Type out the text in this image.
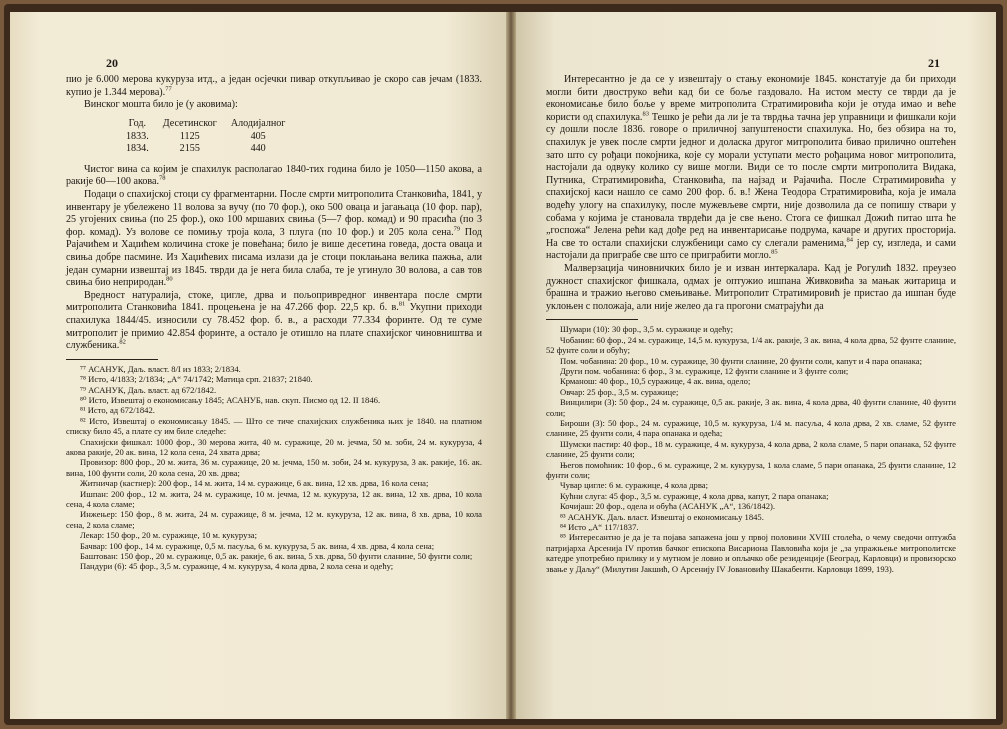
20

пио је 6.000 мерова кукуруза итд., а један осјечки пивар откупљивао је скоро сав јечам (1833. купио је 1.344 мерова).$^{77}$

Винског мошта било је (у аковима):

Год.	Десетинског	Алодијалног
1833.	1125	405
1834.	2155	440

Чистог вина са којим је спахилук располагао 1840-тих година било је 1050—1150 акова, а ракије 60—100 акова.$^{78}$

Подаци о спахијској стоци су фрагментарни. После смрти митрополита Станковића, 1841, у инвентару је убележено 11 волова за вучу (по 70 фор.), око 500 оваца и јагањаца (10 фор. пар), 25 угојених свиња (по 25 фор.), око 100 мршавих свиња (5—7 фор. комад) и 90 прасића (по 3 фор. комад). Уз волове се помињу троја кола, 3 плуга (по 10 фор.) и 205 кола сена.$^{79}$ Под Рајачићем и Хаџићем количина стоке је повећана; било је више десетина говеда, доста оваца и свиња добре пасмине. Из Хаџићевих писама излази да је стоци поклањана велика пажња, али један сумарни извештај из 1845. тврди да је нега била слаба, те је угинуло 30 волова, а сав тов свиња био неприродан.$^{80}$

Вредност натуралија, стоке, циглe, дрва и пољопривредног инвентара после смрти митрополита Станковића 1841. процењена је на 47.266 фор. 22,5 кр. б. в.$^{81}$ Укупни приходи спахилука 1844/45. износили су 78.452 фор. б. в., а расходи 77.334 форинте. Од те суме митрополит је примио 42.854 форинте, а остало је отишло на плате спахијског чиновништва и службеника.$^{82}$

⁷⁷ АСАНУК, Даљ. власт. 8/I из 1833; 2/1834.

⁷⁸ Исто, 4/1833; 2/1834; „А“ 74/1742; Матица срп. 21837; 21840.

⁷⁹ АСАНУК, Даљ. власт. ад 672/1842.

⁸⁰ Исто, Извештај о економисању 1845; АСАНУБ, нав. скуп. Писмо од 12. II 1846.

⁸¹ Исто, ад 672/1842.

⁸² Исто, Извештај о економисању 1845. — Што се тиче спахијских службеника њих је 1840. на платном списку било 45, а плате су им биле следеће:

Спахијски фишкал: 1000 фор., 30 мерова жита, 40 м. суражице, 20 м. јечма, 50 м. зоби, 24 м. кукуруза, 4 акова ракије, 20 ак. вина, 12 кола сена, 24 хвата дрва;

Провизор: 800 фор., 20 м. жита, 36 м. суражице, 20 м. јечма, 150 м. зоби, 24 м. кукуруза, 3 ак. ракије, 16. ак. вина, 100 фунти соли, 20 кола сена, 20 хв. дрва;

Житничар (кастнер): 200 фор., 14 м. жита, 14 м. суражице, 6 ак. вина, 12 хв. дрва, 16 кола сена;

Ишпан: 200 фор., 12 м. жита, 24 м. суражице, 10 м. јечма, 12 м. кукуруза, 12 ак. вина, 12 хв. дрва, 10 кола сена, 4 кола сламе;

Инжењер: 150 фор., 8 м. жита, 24 м. суражице, 8 м. јечма, 12 м. кукуруза, 12 ак. вина, 8 хв. дрва, 10 кола сена, 2 кола сламе;

Лекар: 150 фор., 20 м. суражице, 10 м. кукуруза;

Бачвар: 100 фор., 14 м. суражице, 0,5 м. пасуља, 6 м. кукуруза, 5 ак. вина, 4 хв. дрва, 4 кола сена;

Баштован: 150 фор., 20 м. суражице, 0,5 ак. ракије, 6 ак. вина, 5 хв. дрва, 50 фунти сланине, 50 фунти соли;

Пандури (6): 45 фор., 3,5 м. суражице, 4 м. кукуруза, 4 кола дрва, 2 кола сена и одећу;

21

Интересантно је да се у извештају о стању економије 1845. констатује да би приходи могли бити двоструко већи кад би се боље газдовало. На истом месту се тврди да је економисање било боље у време митрополита Стратимировића који је отуда имао и веће користи од спахилука.$^{83}$ Тешко је рећи да ли је та тврдња тачна јер управници и фишкали који су дошли после 1836. говоре о приличној запуштености спахилука. Но, без обзира на то, спахилук је увек после смрти једног и доласка другог митрополита бивао прилично оштећен зато што су рођаци покојника, које су морали уступати место рођацима новог митрополита, настојали да одвуку колико су више могли. Види се то после смрти митрополита Видака, Путника, Стратимировића, Станковића, па најзад и Рајачића. После Стратимировића у спахијској каси нашло се само 200 фор. б. в.! Жена Теодора Стратимировића, која је имала водећу улогу на спахилуку, после мужевљеве смрти, није дозволила да се попишу ствари у собама у којима је становала тврдећи да је све њено. Стога се фишкал Дожић питао шта ће „госпожа“ Јелена рећи кад дође ред на инвентарисање подрума, качаре и других просторија. На све то остали спахијски службеници само су слегали раменима,$^{84}$ јер су, изгледа, и сами настојали да приграбе све што се приграбити могло.$^{85}$

Малверзација чиновничких било је и изван интеркалара. Кад је Рогулић 1832. преузео дужност спахијског фишкала, одмах је оптужио ишпана Живковића за мањак житарица и брашна и тражио његово смењивање. Митрополит Стратимировић је пристао да ишпан буде уклоњен с положаја, али није желео да га прогони сматрајући да

Шумари (10): 30 фор., 3,5 м. суражице и одећу;

Чобанин: 60 фор., 24 м. суражице, 14,5 м. кукуруза, 1/4 ак. ракије, 3 ак. вина, 4 кола дрва, 52 фунте сланине, 52 фунте соли и обућу;

Пом. чобанина: 20 фор., 10 м. суражице, 30 фунти сланине, 20 фунти соли, капут и 4 пара опанака;

Други пом. чобанина: 6 фор., 3 м. суражице, 12 фунти сланине и 3 фунте соли;

Крманош: 40 фор., 10,5 суражице, 4 ак. вина, одело;

Овчар: 25 фор., 3,5 м. суражице;

Винцилири (3): 50 фор., 24 м. суражице, 0,5 ак. ракије, 3 ак. вина, 4 кола дрва, 40 фунти сланине, 40 фунти соли;

Бироши (3): 50 фор., 24 м. суражице, 10,5 м. кукуруза, 1/4 м. пасуља, 4 кола дрва, 2 хв. сламе, 52 фунте сланине, 25 фунти соли, 4 пара опанака и одећа;

Шумски пастир: 40 фор., 18 м. суражице, 4 м. кукуруза, 4 кола дрва, 2 кола сламе, 5 пари опанака, 52 фунте сланине, 25 фунти соли;

Његов помоћник: 10 фор., 6 м. суражице, 2 м. кукуруза, 1 кола сламе, 5 пари опанака, 25 фунти сланине, 12 фунти соли;

Чувар цигле: 6 м. суражице, 4 кола дрва;

Кућни слуга: 45 фор., 3,5 м. суражице, 4 кола дрва, капут, 2 пара опанака;

Кочијаш: 20 фор., одела и обућа (АСАНУК „А“, 136/1842).

⁸³ АСАНУК. Даљ. власт. Извештај о економисању 1845.

⁸⁴ Исто „А“ 117/1837.

⁸⁵ Интересантно је да је та појава запажена још у првој половини XVIII столећа, о чему сведочи оптужба патријарха Арсенија IV против бачког епископа Висариона Павловића који је „за упражњење митрополитске катедре употребио прилику и у мутном је ловио и опљачко обе резиденције (Београд, Карловци) и провизорско звање у Даљу“ (Милутин Јакшић, О Арсенију IV Јовановићу Шакабенти. Карловци 1899, 193).
